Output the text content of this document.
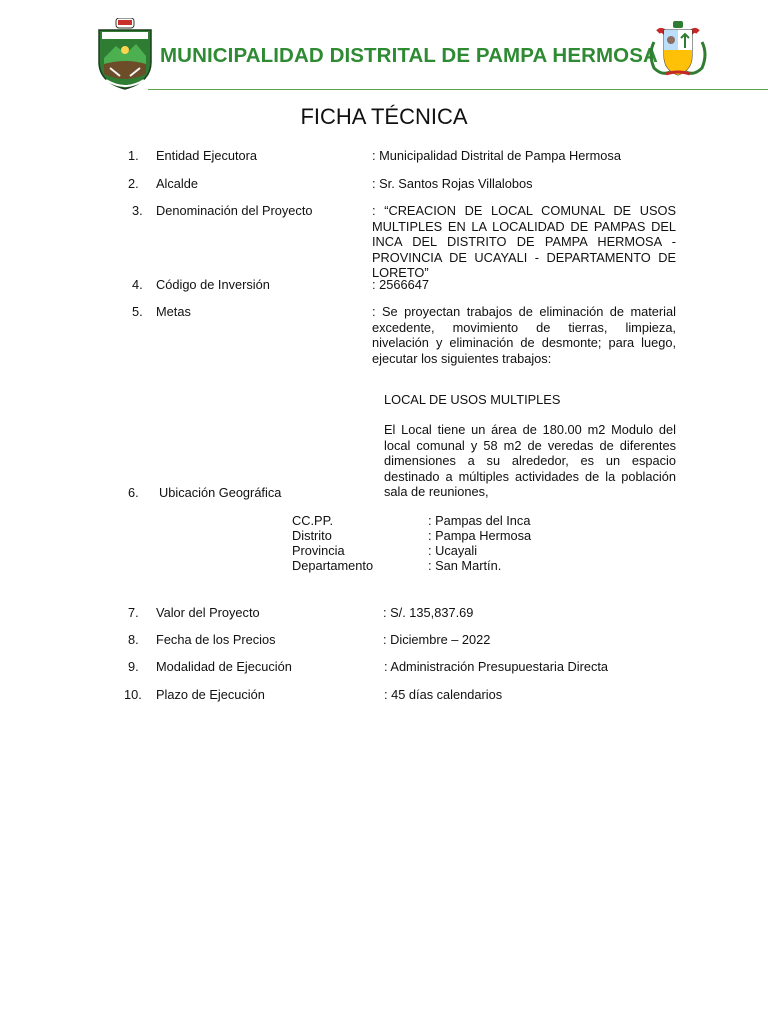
MUNICIPALIDAD DISTRITAL DE PAMPA HERMOSA
FICHA TÉCNICA
1. Entidad Ejecutora	: Municipalidad Distrital de Pampa Hermosa
2. Alcalde	: Sr. Santos Rojas Villalobos
3. Denominación del Proyecto	: “CREACION DE LOCAL COMUNAL DE USOS MULTIPLES EN LA LOCALIDAD DE PAMPAS DEL INCA DEL DISTRITO DE PAMPA HERMOSA - PROVINCIA DE UCAYALI - DEPARTAMENTO DE LORETO”
4. Código de Inversión	: 2566647
5. Metas	: Se proyectan trabajos de eliminación de material excedente, movimiento de tierras, limpieza, nivelación y eliminación de desmonte; para luego, ejecutar los siguientes trabajos:
LOCAL DE USOS MULTIPLES
El Local tiene un área de 180.00 m2 Modulo del local comunal y 58 m2 de veredas de diferentes dimensiones a su alrededor, es un espacio destinado a múltiples actividades de la población sala de reuniones,
6. Ubicación Geográfica
CC.PP.	: Pampas del Inca
Distrito	: Pampa Hermosa
Provincia	: Ucayali
Departamento	: San Martín.
7. Valor del Proyecto	: S/. 135,837.69
8. Fecha de los Precios	: Diciembre – 2022
9. Modalidad de Ejecución	: Administración Presupuestaria Directa
10. Plazo de Ejecución	: 45 días calendarios
